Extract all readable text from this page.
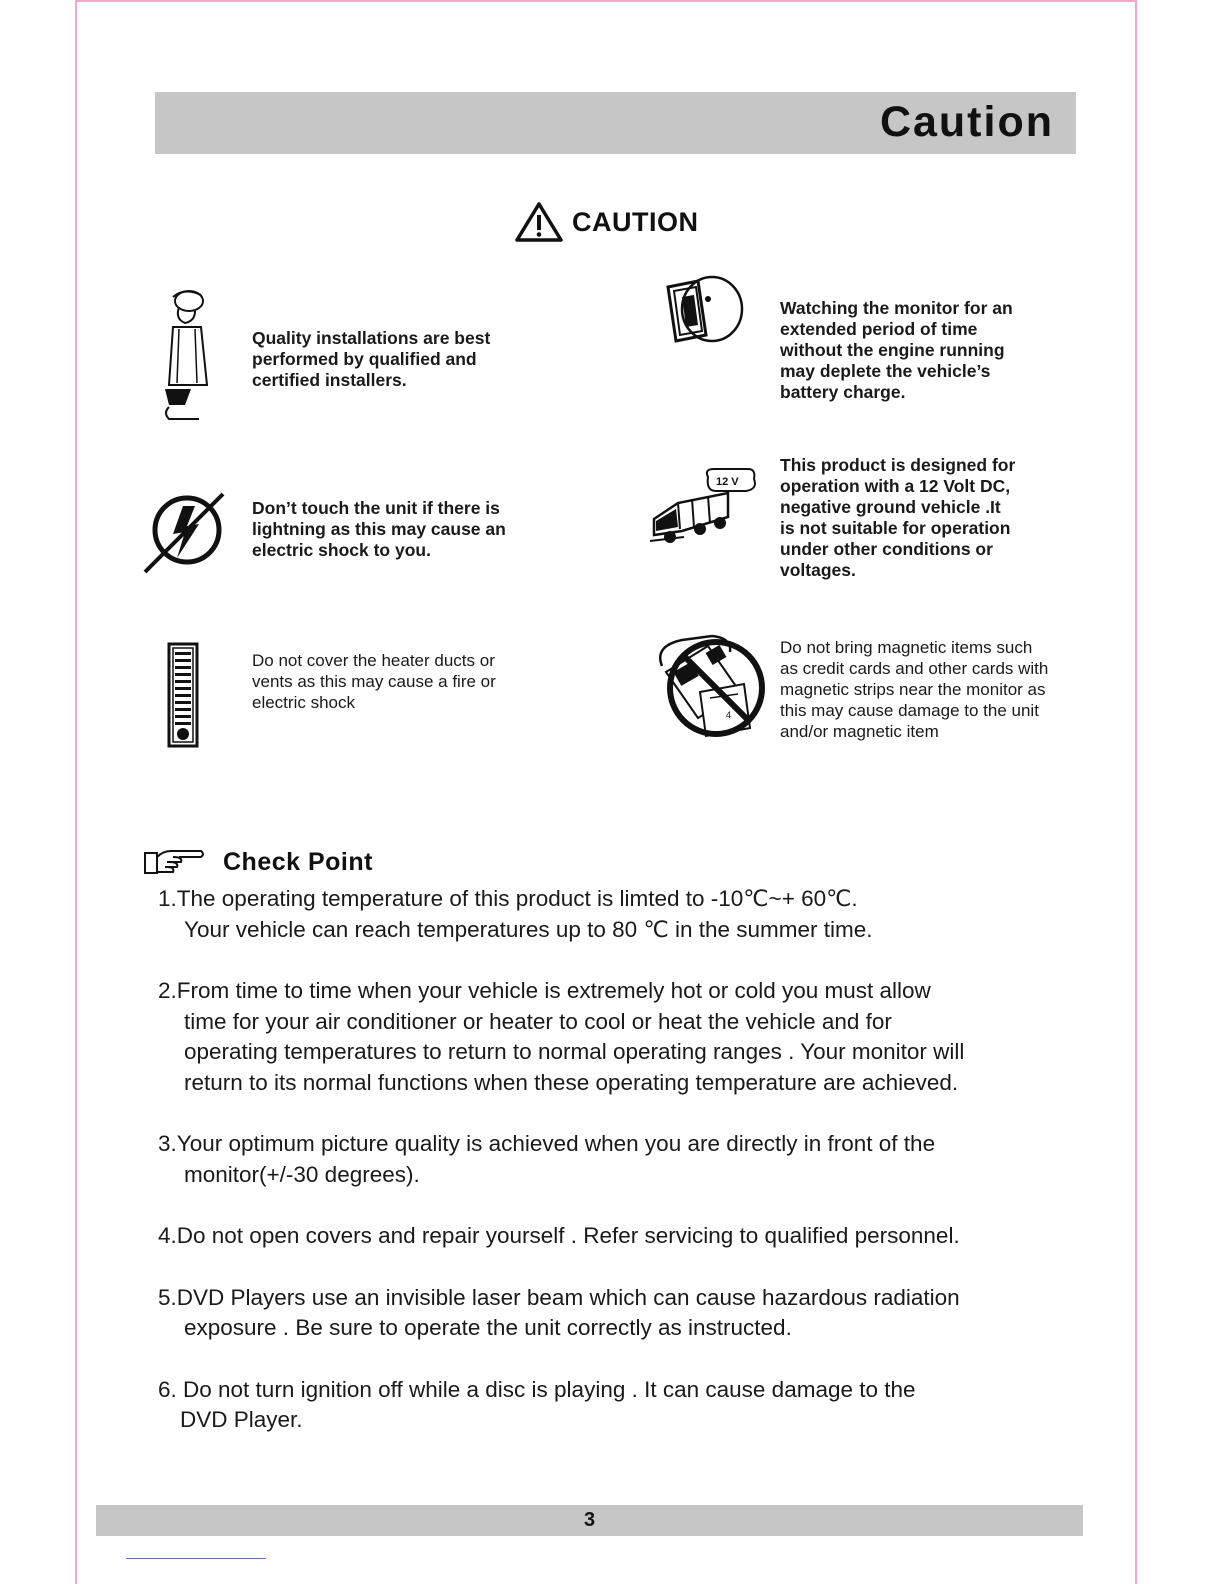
Caution
CAUTION
Quality installations are best
performed by qualified and
certified installers.
Watching the monitor for an
extended period of time
without the engine running
may deplete the vehicle’s
battery charge.
Don’t touch the unit if there is
lightning as this may cause an
electric shock to you.
12 V
This product is designed for
operation with a 12 Volt DC,
negative ground vehicle .It
is not suitable for operation
under other conditions or
voltages.
Do not cover the heater ducts or
vents as this may cause a fire or
electric shock
4
Do not bring magnetic items such
as credit cards and other cards with
magnetic strips near the monitor as
this may cause damage to the unit
and/or magnetic item
Check Point
1.The operating temperature of this product is limted to -10℃~+ 60℃.
Your vehicle can reach temperatures up to 80 ℃ in the summer time.
2.From time to time when your vehicle is extremely hot or cold you must allow
time for your air conditioner or heater to cool or heat the vehicle and for
operating temperatures to return to normal operating ranges . Your monitor will
return to its normal functions when these operating temperature are achieved.
3.Your optimum picture quality is achieved when you are directly in front of the
monitor(+/-30 degrees).
4.Do not open covers and repair yourself . Refer servicing to qualified personnel.
5.DVD Players use an invisible laser beam which can cause hazardous radiation
exposure . Be sure to operate the unit correctly as instructed.
6. Do not turn ignition off while a disc is playing . It can cause damage to the
DVD Player.
3
